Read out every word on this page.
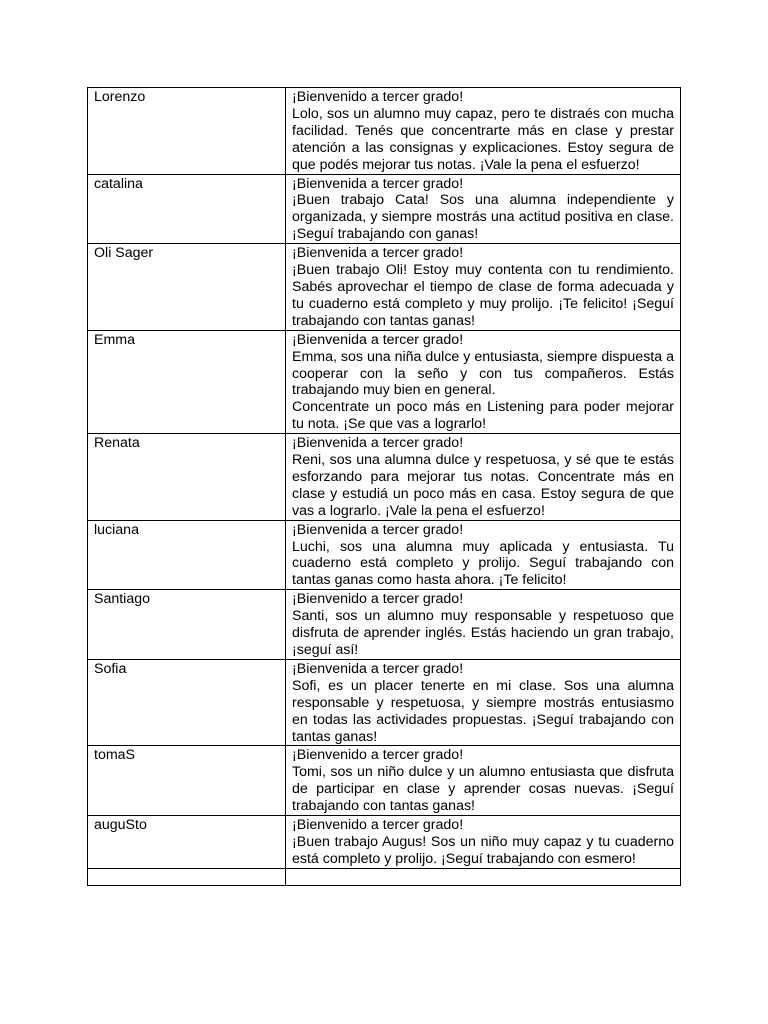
Lorenzo	¡Bienvenido a tercer grado!
Lolo, sos un alumno muy capaz, pero te distraés con mucha facilidad. Tenés que concentrarte más en clase y prestar atención a las consignas y explicaciones. Estoy segura de que podés mejorar tus notas. ¡Vale la pena el esfuerzo!

catalina	¡Bienvenida a tercer grado!
¡Buen trabajo Cata! Sos una alumna independiente y organizada, y siempre mostrás una actitud positiva en clase. ¡Seguí trabajando con ganas!

Oli Sager	¡Bienvenida a tercer grado!
¡Buen trabajo Oli! Estoy muy contenta con tu rendimiento. Sabés aprovechar el tiempo de clase de forma adecuada y tu cuaderno está completo y muy prolijo. ¡Te felicito! ¡Seguí trabajando con tantas ganas!

Emma	¡Bienvenida a tercer grado!
Emma, sos una niña dulce y entusiasta, siempre dispuesta a cooperar con la seño y con tus compañeros. Estás trabajando muy bien en general.
Concentrate un poco más en Listening para poder mejorar tu nota. ¡Se que vas a lograrlo!

Renata	¡Bienvenida a tercer grado!
Reni, sos una alumna dulce y respetuosa, y sé que te estás esforzando para mejorar tus notas. Concentrate más en clase y estudiá un poco más en casa. Estoy segura de que vas a lograrlo. ¡Vale la pena el esfuerzo!

luciana	¡Bienvenida a tercer grado!
Luchi, sos una alumna muy aplicada y entusiasta. Tu cuaderno está completo y prolijo. Seguí trabajando con tantas ganas como hasta ahora. ¡Te felicito!

Santiago	¡Bienvenido a tercer grado!
Santi, sos un alumno muy responsable y respetuoso que disfruta de aprender inglés. Estás haciendo un gran trabajo, ¡seguí así!

Sofia	¡Bienvenida a tercer grado!
Sofi, es un placer tenerte en mi clase. Sos una alumna responsable y respetuosa, y siempre mostrás entusiasmo en todas las actividades propuestas. ¡Seguí trabajando con tantas ganas!

tomaS	¡Bienvenido a tercer grado!
Tomi, sos un niño dulce y un alumno entusiasta que disfruta de participar en clase y aprender cosas nuevas. ¡Seguí trabajando con tantas ganas!

auguSto	¡Bienvenido a tercer grado!
¡Buen trabajo Augus! Sos un niño muy capaz y tu cuaderno está completo y prolijo. ¡Seguí trabajando con esmero!
